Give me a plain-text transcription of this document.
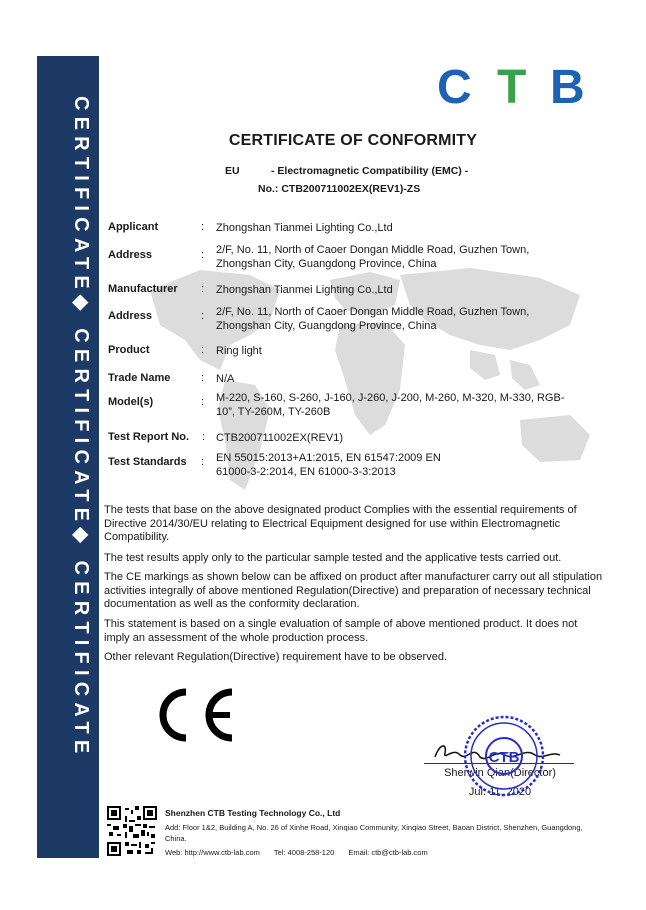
CERTIFICATE◆ CERTIFICATE◆ CERTIFICATE
C T B
CERTIFICATE OF CONFORMITY
EU	- Electromagnetic Compatibility (EMC) -
No.: CTB200711002EX(REV1)-ZS
Applicant	: Zhongshan Tianmei Lighting Co.,Ltd
Address	: 2/F, No. 11, North of Caoer Dongan Middle Road, Guzhen Town, Zhongshan City, Guangdong Province, China
Manufacturer	: Zhongshan Tianmei Lighting Co.,Ltd
Address	: 2/F, No. 11, North of Caoer Dongan Middle Road, Guzhen Town, Zhongshan City, Guangdong Province, China
Product	: Ring light
Trade Name	: N/A
Model(s)	: M-220, S-160, S-260, J-160, J-260, J-200, M-260, M-320, M-330, RGB-10”, TY-260M, TY-260B
Test Report No.	: CTB200711002EX(REV1)
Test Standards	: EN 55015:2013+A1:2015, EN 61547:2009 EN 61000-3-2:2014, EN 61000-3-3:2013

The tests that base on the above designated product Complies with the essential requirements of Directive 2014/30/EU relating to Electrical Equipment designed for use within Electromagnetic Compatibility.

The test results apply only to the particular sample tested and the applicative tests carried out.

The CE markings as shown below can be affixed on product after manufacturer carry out all stipulation activities integrally of above mentioned Regulation(Directive) and preparation of necessary technical documentation as well as the conformity declaration.

This statement is based on a single evaluation of sample of above mentioned product. It does not imply an assessment of the whole production process.

Other relevant Regulation(Directive) requirement have to be observed.

Sherwin Qian(Director)
Jul. 11, 2020
CTB
Shenzhen CTB Testing Technology Co., Ltd
Add: Floor 1&2, Building A, No. 26 of Xinhe Road, Xinqiao Community, Xinqiao Street, Baoan District, Shenzhen, Guangdong, China.
Web: http://www.ctb-lab.com Tel: 4008-258-120 Email: ctb@ctb-lab.com
